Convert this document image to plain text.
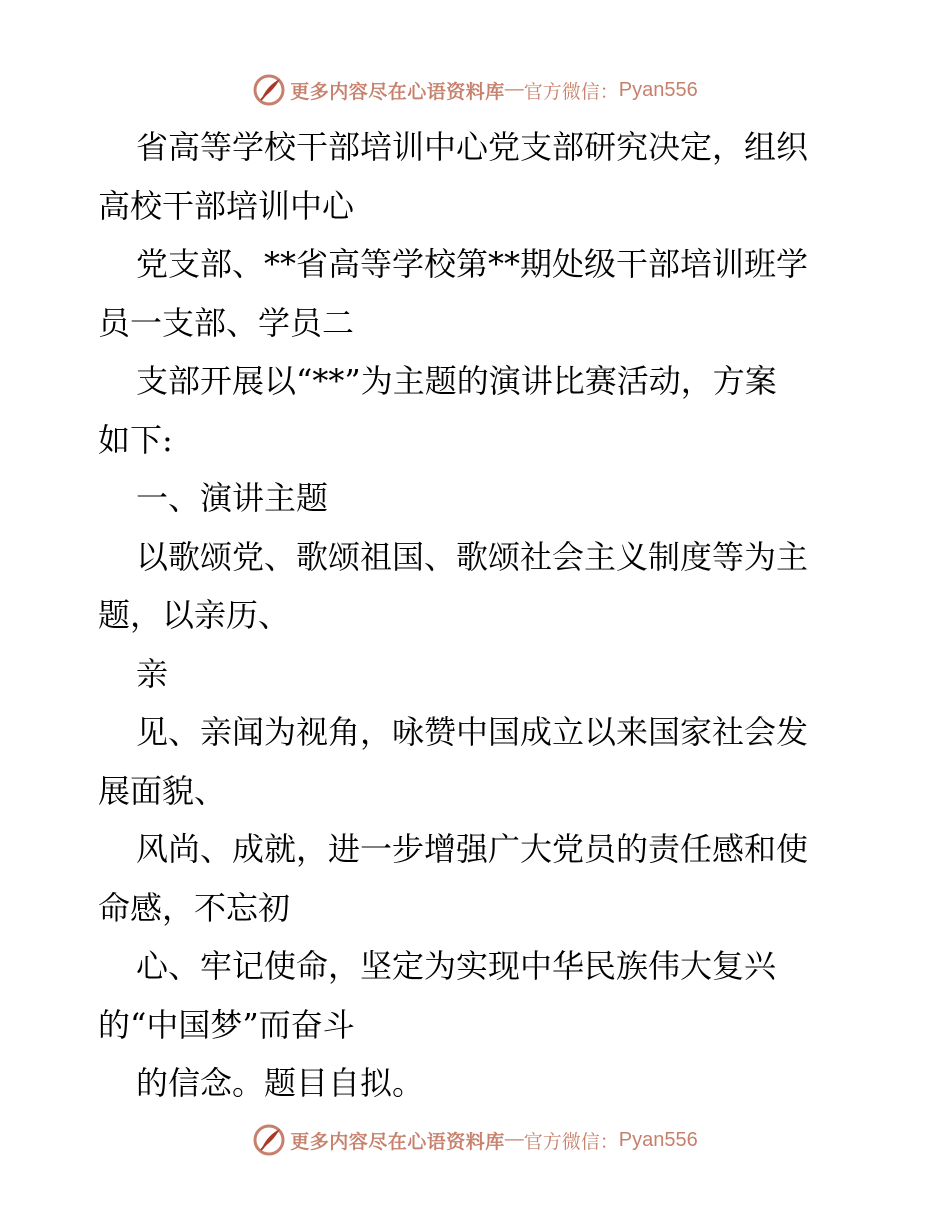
更多内容尽在心语资料库 — 官方微信： Pyan556
省高等学校干部培训中心党支部研究决定，组织
高校干部培训中心
党支部、**省高等学校第**期处级干部培训班学
员一支部、学员二
支部开展以“**”为主题的演讲比赛活动，方案
如下:
一、演讲主题
以歌颂党、歌颂祖国、歌颂社会主义制度等为主
题，以亲历、
亲
见、亲闻为视角，咏赞中国成立以来国家社会发
展面貌、
风尚、成就，进一步增强广大党员的责任感和使
命感，不忘初
心、牢记使命，坚定为实现中华民族伟大复兴
的“中国梦”而奋斗
的信念。题目自拟。
更多内容尽在心语资料库 — 官方微信： Pyan556
